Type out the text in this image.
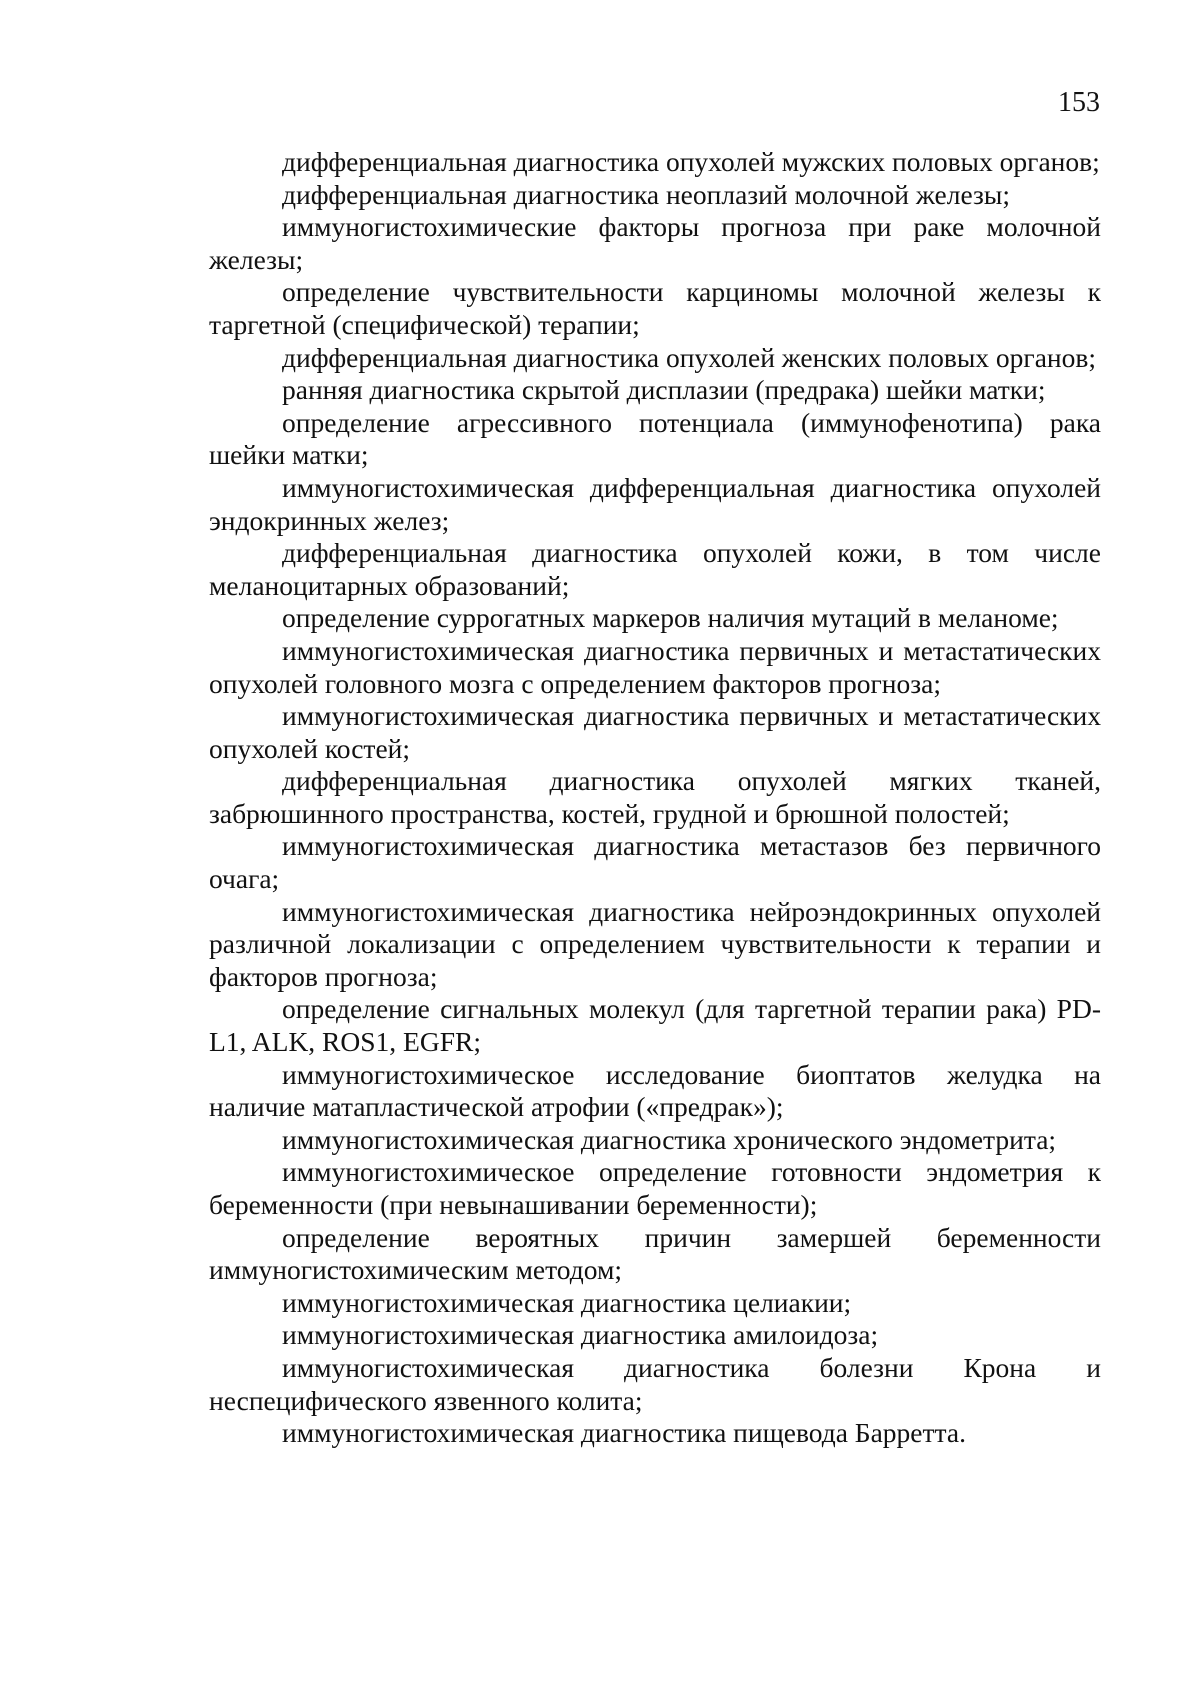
153

дифференциальная диагностика опухолей мужских половых органов;

дифференциальная диагностика неоплазий молочной железы;

иммуногистохимические факторы прогноза при раке молочной железы;

определение чувствительности карциномы молочной железы к таргетной (специфической) терапии;

дифференциальная диагностика опухолей женских половых органов;

ранняя диагностика скрытой дисплазии (предрака) шейки матки;

определение агрессивного потенциала (иммунофенотипа) рака шейки матки;

иммуногистохимическая дифференциальная диагностика опухолей эндокринных желез;

дифференциальная диагностика опухолей кожи, в том числе меланоцитарных образований;

определение суррогатных маркеров наличия мутаций в меланоме;

иммуногистохимическая диагностика первичных и метастатических опухолей головного мозга с определением факторов прогноза;

иммуногистохимическая диагностика первичных и метастатических опухолей костей;

дифференциальная диагностика опухолей мягких тканей, забрюшинного пространства, костей, грудной и брюшной полостей;

иммуногистохимическая диагностика метастазов без первичного очага;

иммуногистохимическая диагностика нейроэндокринных опухолей различной локализации с определением чувствительности к терапии и факторов прогноза;

определение сигнальных молекул (для таргетной терапии рака) PD-L1, ALK, ROS1, EGFR;

иммуногистохимическое исследование биоптатов желудка на наличие матапластической атрофии («предрак»);

иммуногистохимическая диагностика хронического эндометрита;

иммуногистохимическое определение готовности эндометрия к беременности (при невынашивании беременности);

определение вероятных причин замершей беременности иммуногистохимическим методом;

иммуногистохимическая диагностика целиакии;

иммуногистохимическая диагностика амилоидоза;

иммуногистохимическая диагностика болезни Крона и неспецифического язвенного колита;

иммуногистохимическая диагностика пищевода Барретта.
